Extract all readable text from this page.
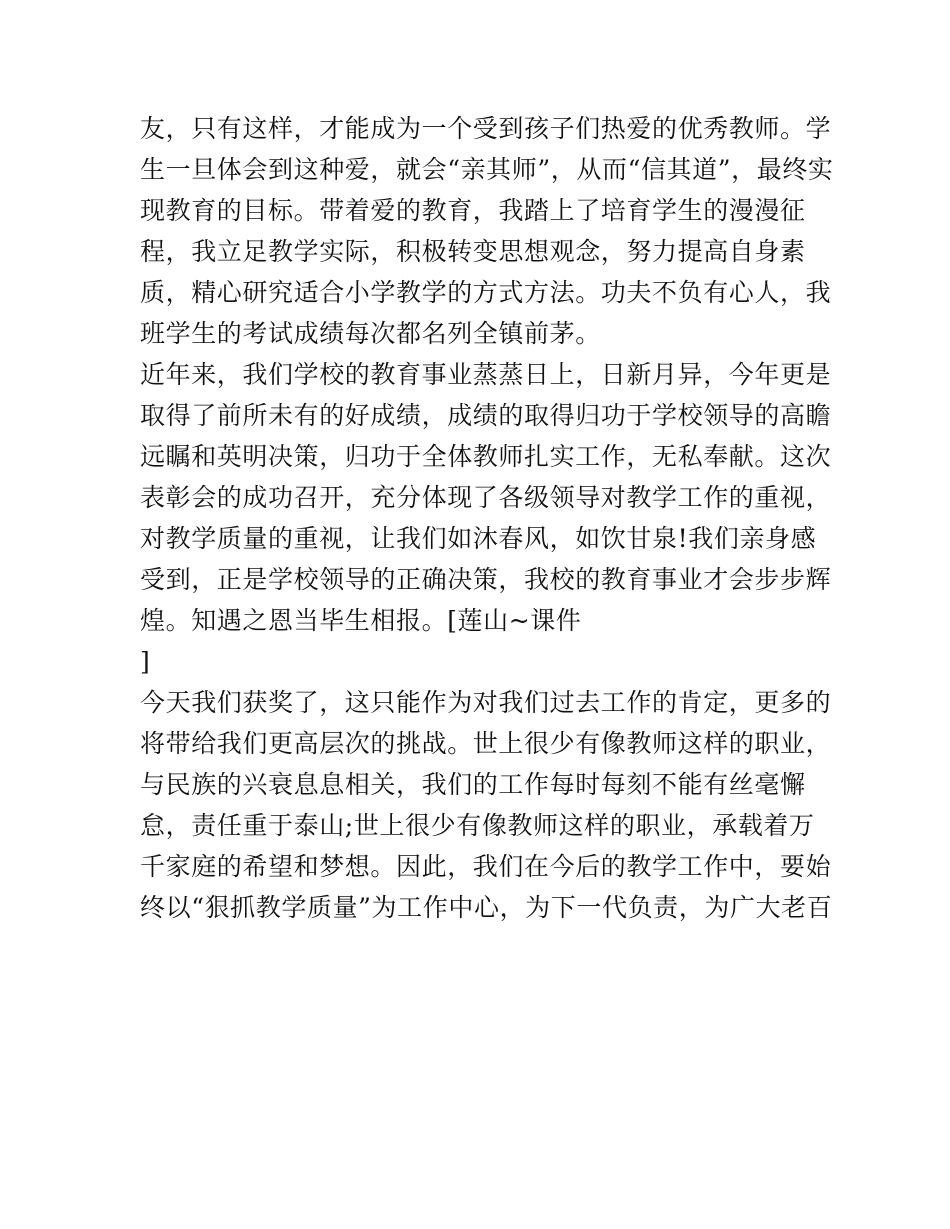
友，只有这样，才能成为一个受到孩子们热爱的优秀教师。学
生一旦体会到这种爱，就会“亲其师”，从而“信其道”，最终实
现教育的目标。带着爱的教育，我踏上了培育学生的漫漫征
程，我立足教学实际，积极转变思想观念，努力提高自身素
质，精心研究适合小学教学的方式方法。功夫不负有心人，我
班学生的考试成绩每次都名列全镇前茅。
近年来，我们学校的教育事业蒸蒸日上，日新月异，今年更是
取得了前所未有的好成绩，成绩的取得归功于学校领导的高瞻
远瞩和英明决策，归功于全体教师扎实工作，无私奉献。这次
表彰会的成功召开，充分体现了各级领导对教学工作的重视，
对教学质量的重视，让我们如沐春风，如饮甘泉!我们亲身感
受到，正是学校领导的正确决策，我校的教育事业才会步步辉
煌。知遇之恩当毕生相报。[莲山~课件
]
今天我们获奖了，这只能作为对我们过去工作的肯定，更多的
将带给我们更高层次的挑战。世上很少有像教师这样的职业，
与民族的兴衰息息相关，我们的工作每时每刻不能有丝毫懈
怠，责任重于泰山;世上很少有像教师这样的职业，承载着万
千家庭的希望和梦想。因此，我们在今后的教学工作中，要始
终以“狠抓教学质量”为工作中心，为下一代负责，为广大老百
